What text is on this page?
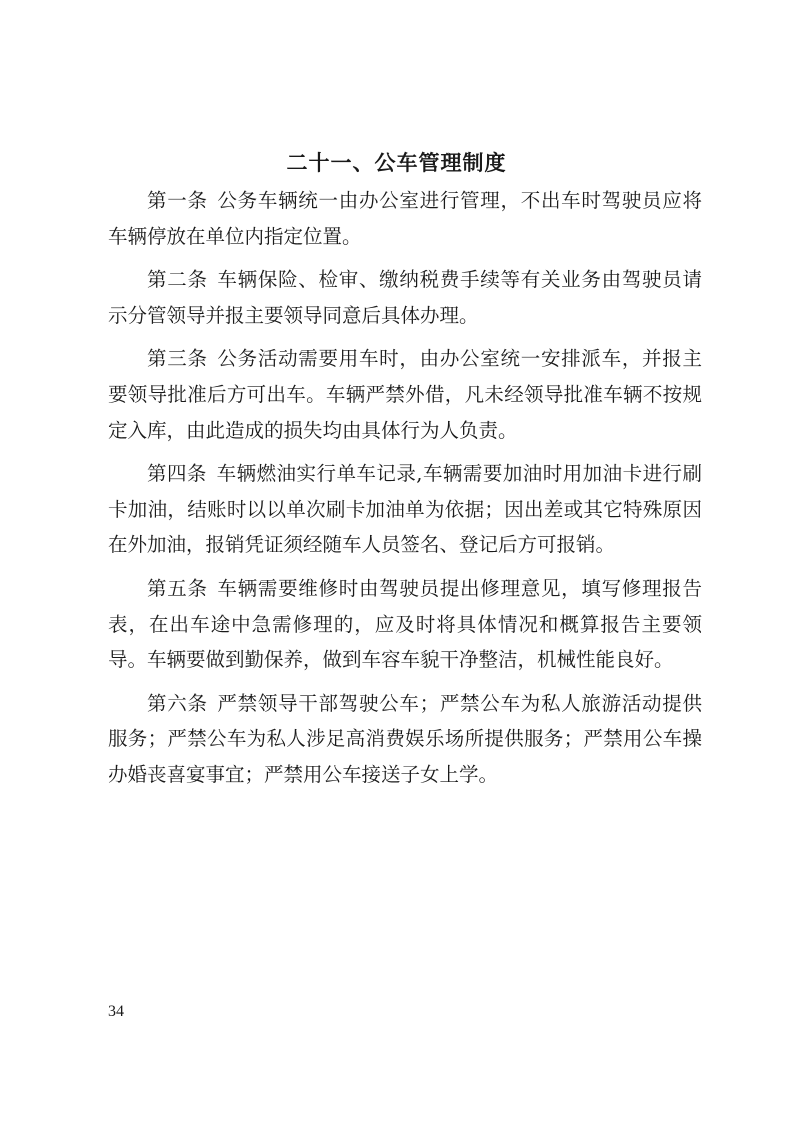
二十一、公车管理制度

第一条 公务车辆统一由办公室进行管理，不出车时驾驶员应将车辆停放在单位内指定位置。

第二条 车辆保险、检审、缴纳税费手续等有关业务由驾驶员请示分管领导并报主要领导同意后具体办理。

第三条 公务活动需要用车时，由办公室统一安排派车，并报主要领导批准后方可出车。车辆严禁外借，凡未经领导批准车辆不按规定入库，由此造成的损失均由具体行为人负责。

第四条 车辆燃油实行单车记录,车辆需要加油时用加油卡进行刷卡加油，结账时以以单次刷卡加油单为依据；因出差或其它特殊原因在外加油，报销凭证须经随车人员签名、登记后方可报销。

第五条 车辆需要维修时由驾驶员提出修理意见，填写修理报告表，在出车途中急需修理的，应及时将具体情况和概算报告主要领导。车辆要做到勤保养，做到车容车貌干净整洁，机械性能良好。

第六条 严禁领导干部驾驶公车；严禁公车为私人旅游活动提供服务；严禁公车为私人涉足高消费娱乐场所提供服务；严禁用公车操办婚丧喜宴事宜；严禁用公车接送子女上学。

34
